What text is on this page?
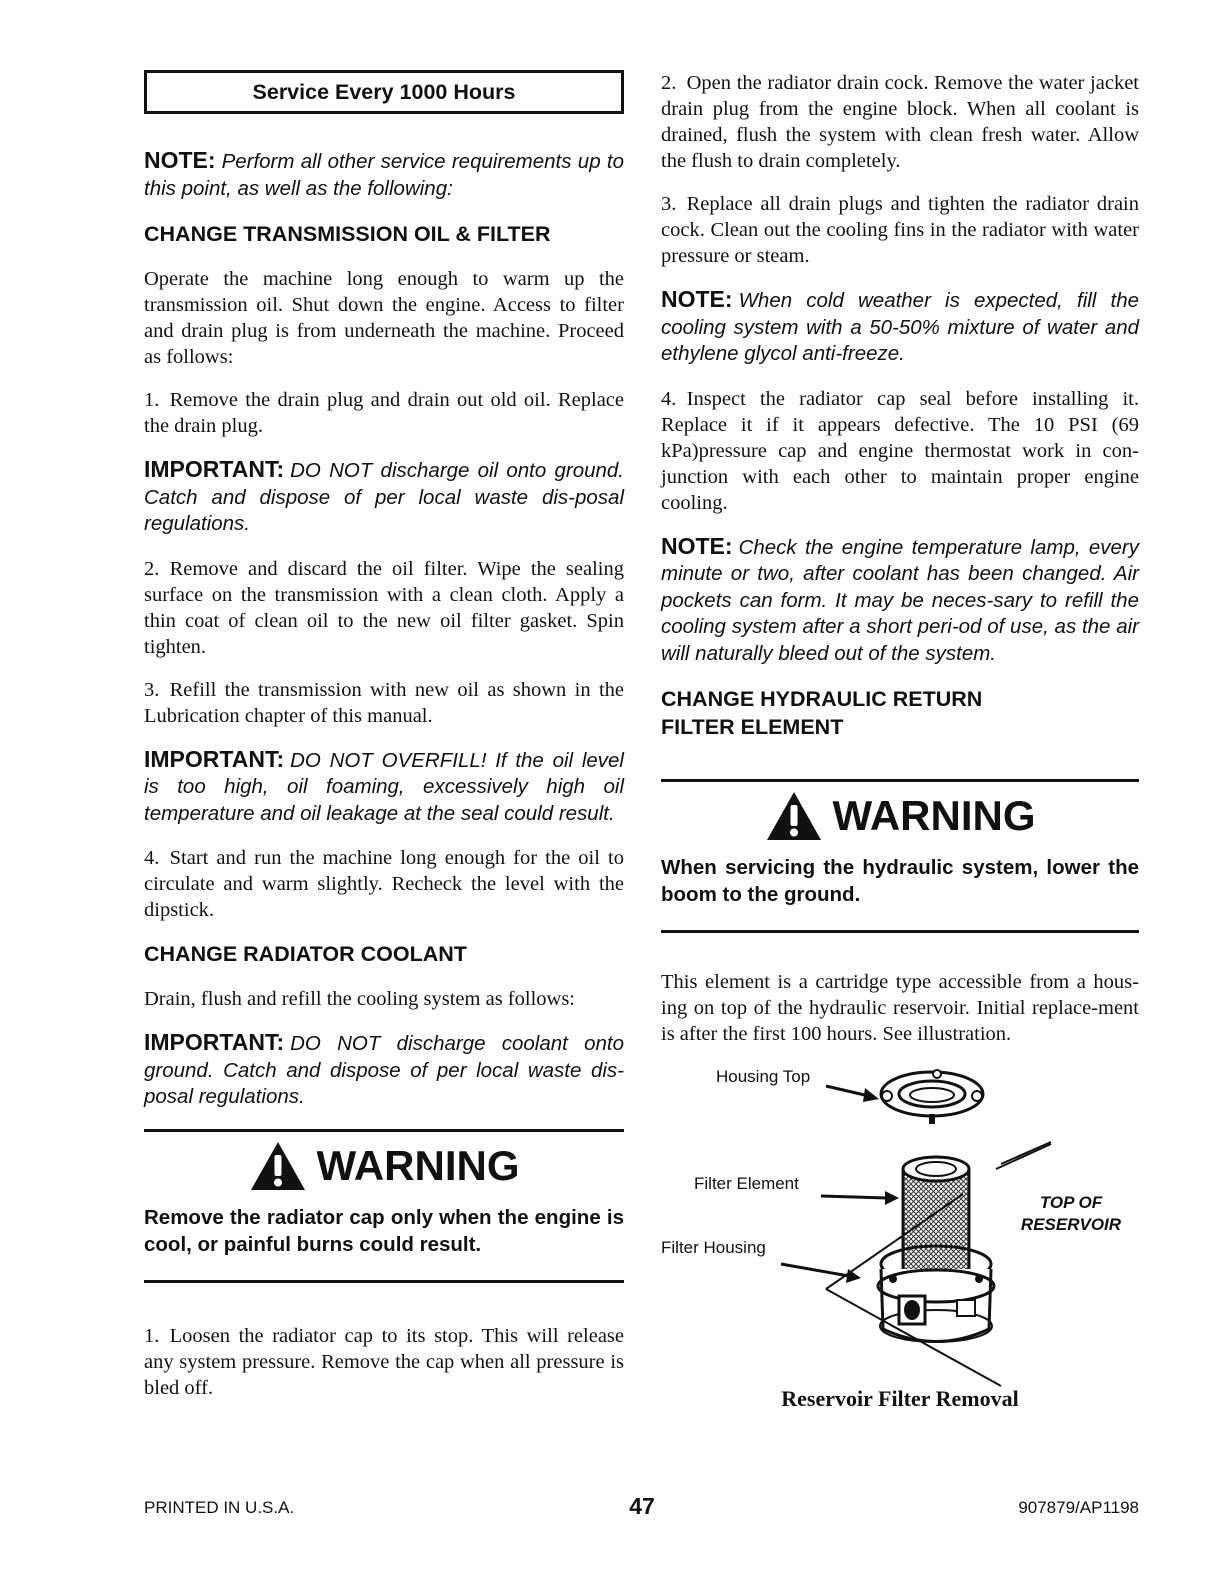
Service Every 1000 Hours

NOTE: Perform all other service requirements up to this point, as well as the following:

CHANGE TRANSMISSION OIL & FILTER

Operate the machine long enough to warm up the transmission oil. Shut down the engine. Access to filter and drain plug is from underneath the machine. Proceed as follows:

1. Remove the drain plug and drain out old oil. Replace the drain plug.

IMPORTANT: DO NOT discharge oil onto ground. Catch and dispose of per local waste dis-posal regulations.

2. Remove and discard the oil filter. Wipe the sealing surface on the transmission with a clean cloth. Apply a thin coat of clean oil to the new oil filter gasket. Spin tighten.

3. Refill the transmission with new oil as shown in the Lubrication chapter of this manual.

IMPORTANT: DO NOT OVERFILL! If the oil level is too high, oil foaming, excessively high oil temperature and oil leakage at the seal could result.

4. Start and run the machine long enough for the oil to circulate and warm slightly. Recheck the level with the dipstick.

CHANGE RADIATOR COOLANT

Drain, flush and refill the cooling system as follows:

IMPORTANT: DO NOT discharge coolant onto ground. Catch and dispose of per local waste dis-posal regulations.

WARNING

Remove the radiator cap only when the engine is cool, or painful burns could result.

1. Loosen the radiator cap to its stop. This will release any system pressure. Remove the cap when all pressure is bled off.

2. Open the radiator drain cock. Remove the water jacket drain plug from the engine block. When all coolant is drained, flush the system with clean fresh water. Allow the flush to drain completely.

3. Replace all drain plugs and tighten the radiator drain cock. Clean out the cooling fins in the radiator with water pressure or steam.

NOTE: When cold weather is expected, fill the cooling system with a 50-50% mixture of water and ethylene glycol anti-freeze.

4. Inspect the radiator cap seal before installing it. Replace it if it appears defective. The 10 PSI (69 kPa)pressure cap and engine thermostat work in con-junction with each other to maintain proper engine cooling.

NOTE: Check the engine temperature lamp, every minute or two, after coolant has been changed. Air pockets can form. It may be neces-sary to refill the cooling system after a short peri-od of use, as the air will naturally bleed out of the system.

CHANGE HYDRAULIC RETURN
FILTER ELEMENT
WARNING

When servicing the hydraulic system, lower the boom to the ground.

This element is a cartridge type accessible from a hous-ing on top of the hydraulic reservoir. Initial replace-ment is after the first 100 hours. See illustration.

Housing Top
Filter Element
Filter Housing
TOP OF
RESERVOIR
Reservoir Filter Removal
PRINTED IN U.S.A.	47	907879/AP1198
